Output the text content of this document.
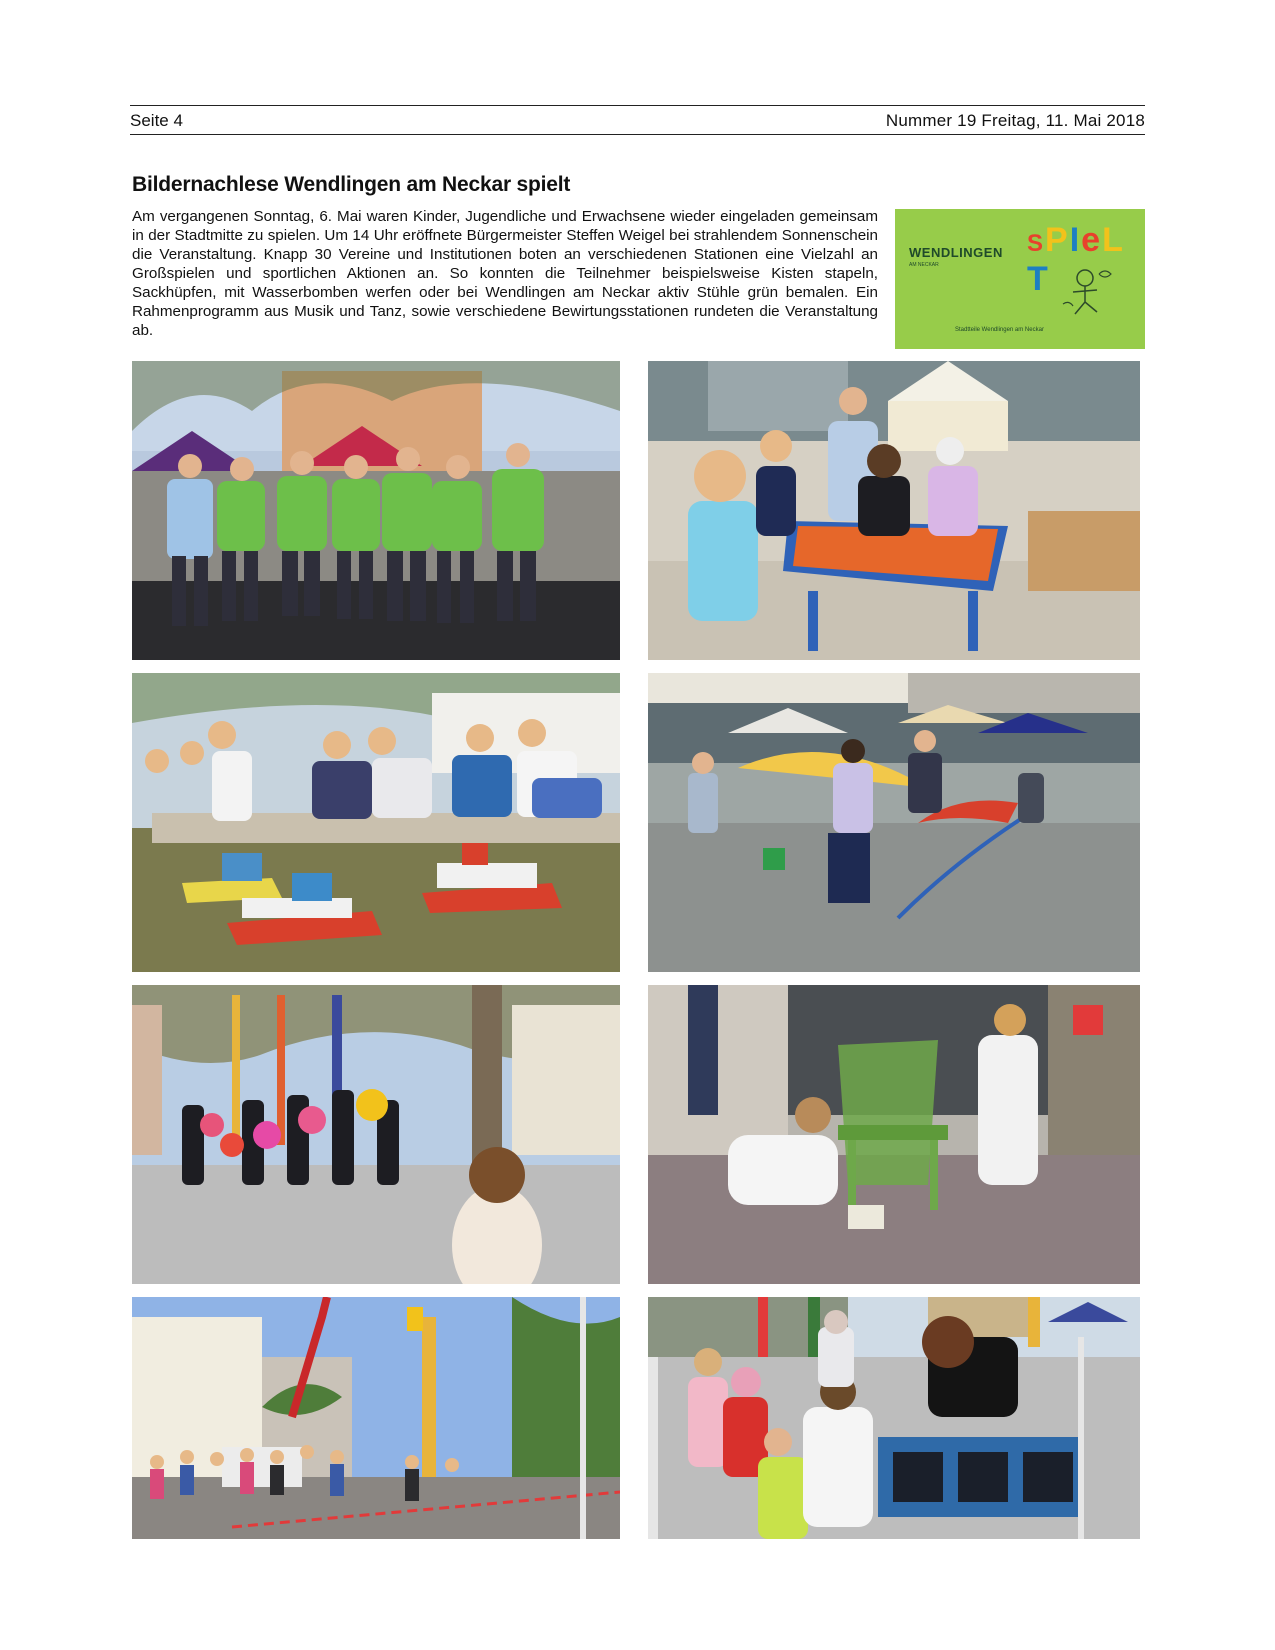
Seite 4	Nummer 19 Freitag, 11. Mai 2018
Bildernachlese Wendlingen am Neckar spielt
Am vergangenen Sonntag, 6. Mai waren Kinder, Jugendliche und Erwachsene wieder eingeladen gemeinsam in der Stadtmitte zu spielen. Um 14 Uhr eröffnete Bürgermeister Steffen Weigel bei strahlendem Sonnenschein die Veranstaltung. Knapp 30 Vereine und Institutionen boten an verschiedenen Stationen eine Vielzahl an Großspielen und sportlichen Aktionen an. So konnten die Teilnehmer beispielsweise Kisten stapeln, Sackhüpfen, mit Wasserbomben werfen oder bei Wendlingen am Neckar aktiv Stühle grün bemalen. Ein Rahmenprogramm aus Musik und Tanz, sowie verschiedene Bewirtungsstationen rundeten die Veranstaltung ab.
WENDLINGEN
AM NECKAR
SPIeLT
Stadtteile Wendlingen am Neckar
